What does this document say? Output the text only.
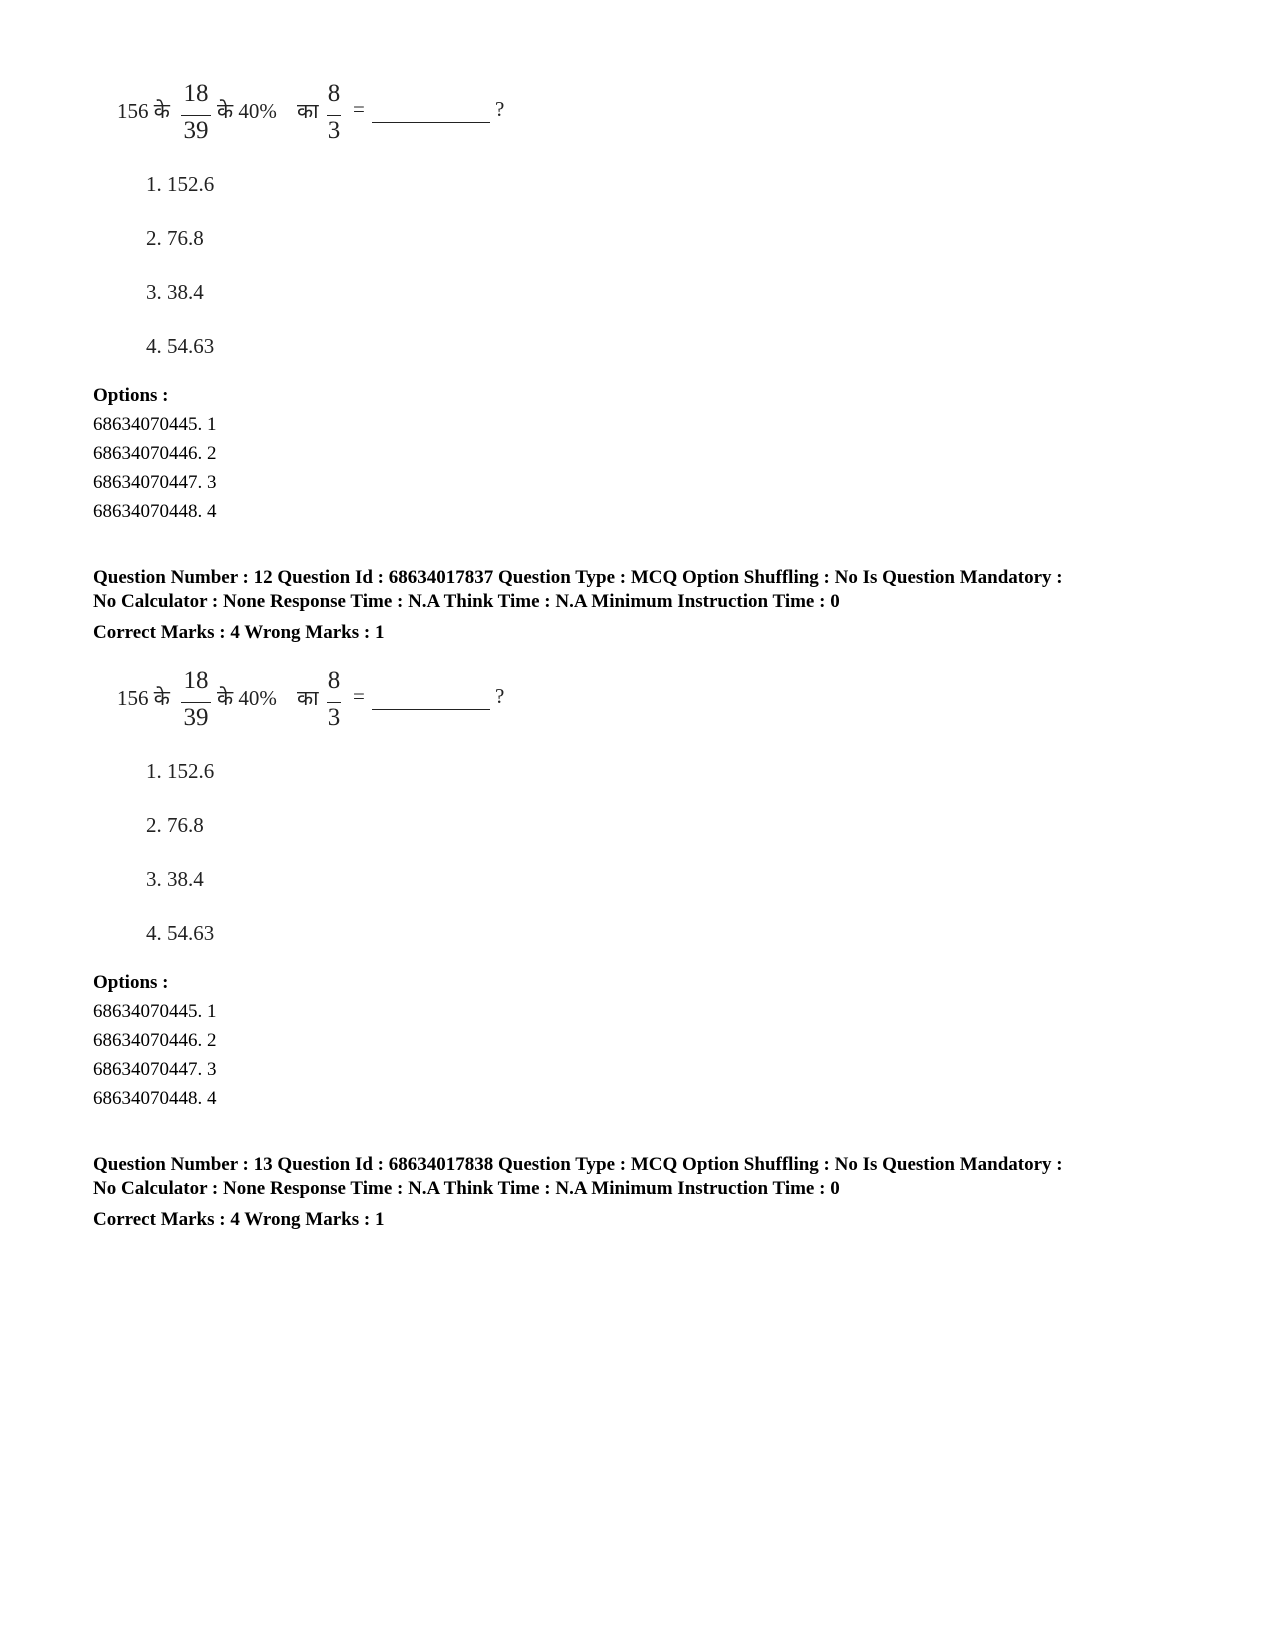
156 के
18
39
के 40% का
8
3
=	?
1. 152.6
2. 76.8
3. 38.4
4. 54.63
Options :
68634070445. 1
68634070446. 2
68634070447. 3
68634070448. 4
Question Number : 12 Question Id : 68634017837 Question Type : MCQ Option Shuffling : No Is Question Mandatory :
No Calculator : None Response Time : N.A Think Time : N.A Minimum Instruction Time : 0
Correct Marks : 4 Wrong Marks : 1
156 के
18
39
के 40% का
8
3
=	?
1. 152.6
2. 76.8
3. 38.4
4. 54.63
Options :
68634070445. 1
68634070446. 2
68634070447. 3
68634070448. 4
Question Number : 13 Question Id : 68634017838 Question Type : MCQ Option Shuffling : No Is Question Mandatory :
No Calculator : None Response Time : N.A Think Time : N.A Minimum Instruction Time : 0
Correct Marks : 4 Wrong Marks : 1
